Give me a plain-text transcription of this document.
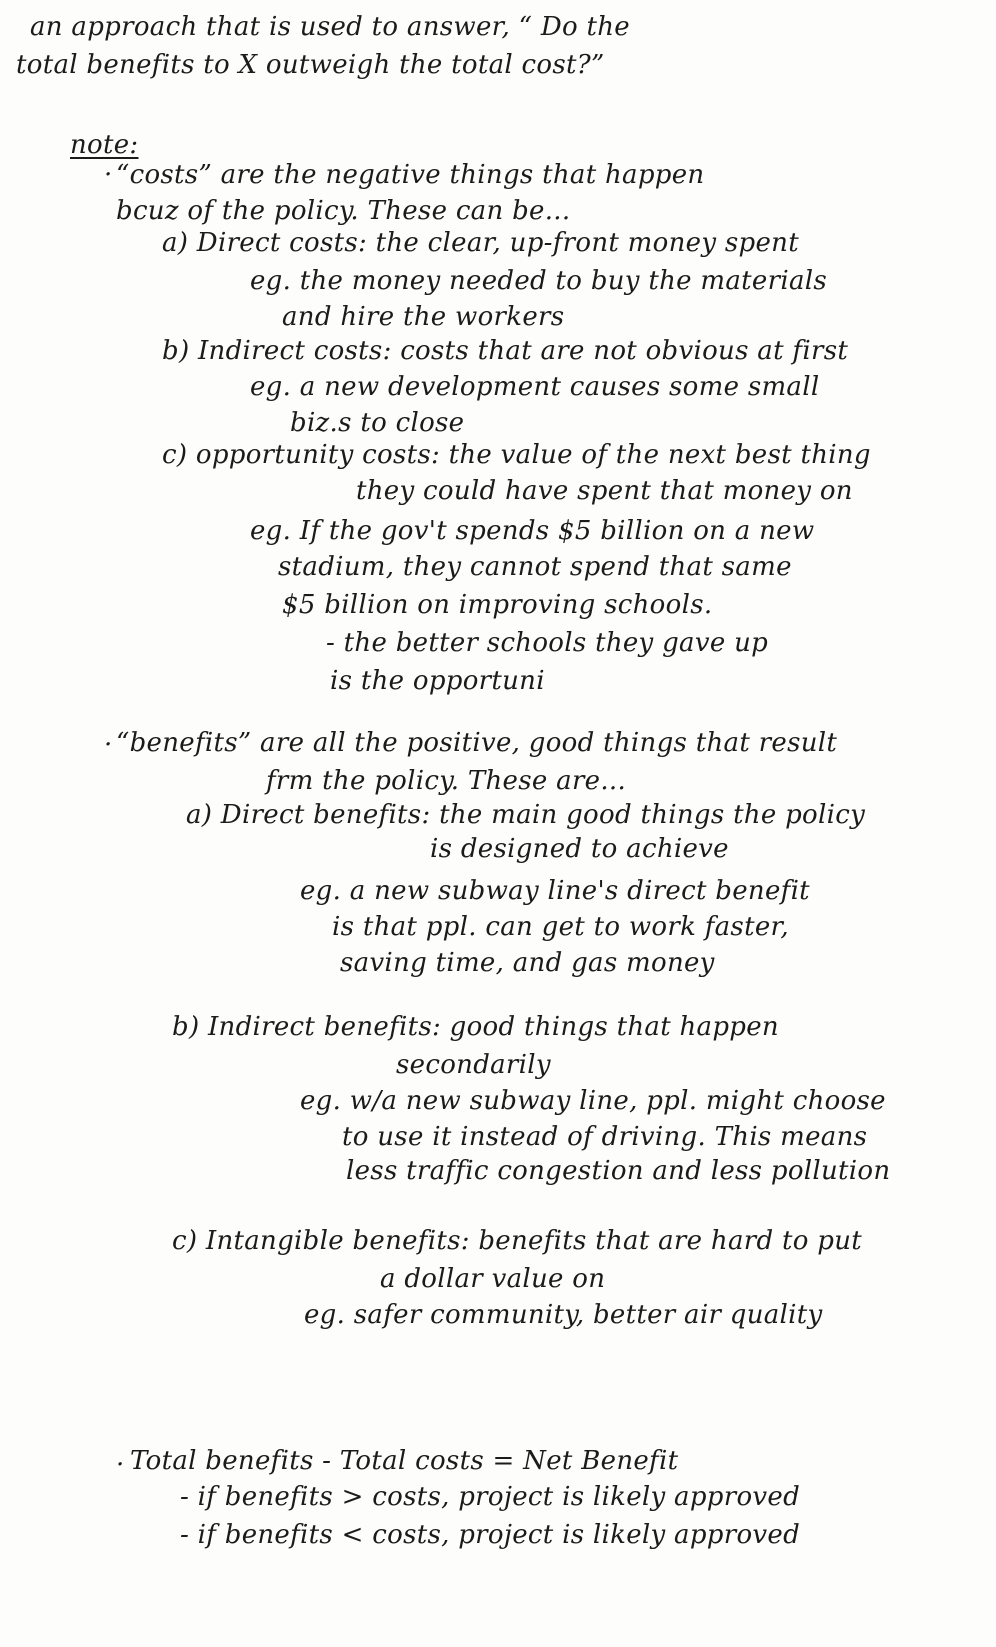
an approach that is used to answer, “ Do the
total benefits to X outweigh the total cost?”
note:
· “costs” are the negative things that happen
bcuz of the policy. These can be...
a) Direct costs: the clear, up-front money spent
eg. the money needed to buy the materials
and hire the workers
b) Indirect costs: costs that are not obvious at first
eg. a new development causes some small
biz.s to close
c) opportunity costs: the value of the next best thing
they could have spent that money on
eg. If the gov't spends $5 billion on a new
stadium, they cannot spend that same
$5 billion on improving schools.
- the better schools they gave up
is the opportuni
· “benefits” are all the positive, good things that result
frm the policy. These are...
a) Direct benefits: the main good things the policy
is designed to achieve
eg. a new subway line's direct benefit
is that ppl. can get to work faster,
saving time, and gas money
b) Indirect benefits: good things that happen
secondarily
eg. w/a new subway line, ppl. might choose
to use it instead of driving. This means
less traffic congestion and less pollution
c) Intangible benefits: benefits that are hard to put
a dollar value on
eg. safer community, better air quality
· Total benefits - Total costs = Net Benefit
- if benefits > costs, project is likely approved
- if benefits < costs, project is likely approved
